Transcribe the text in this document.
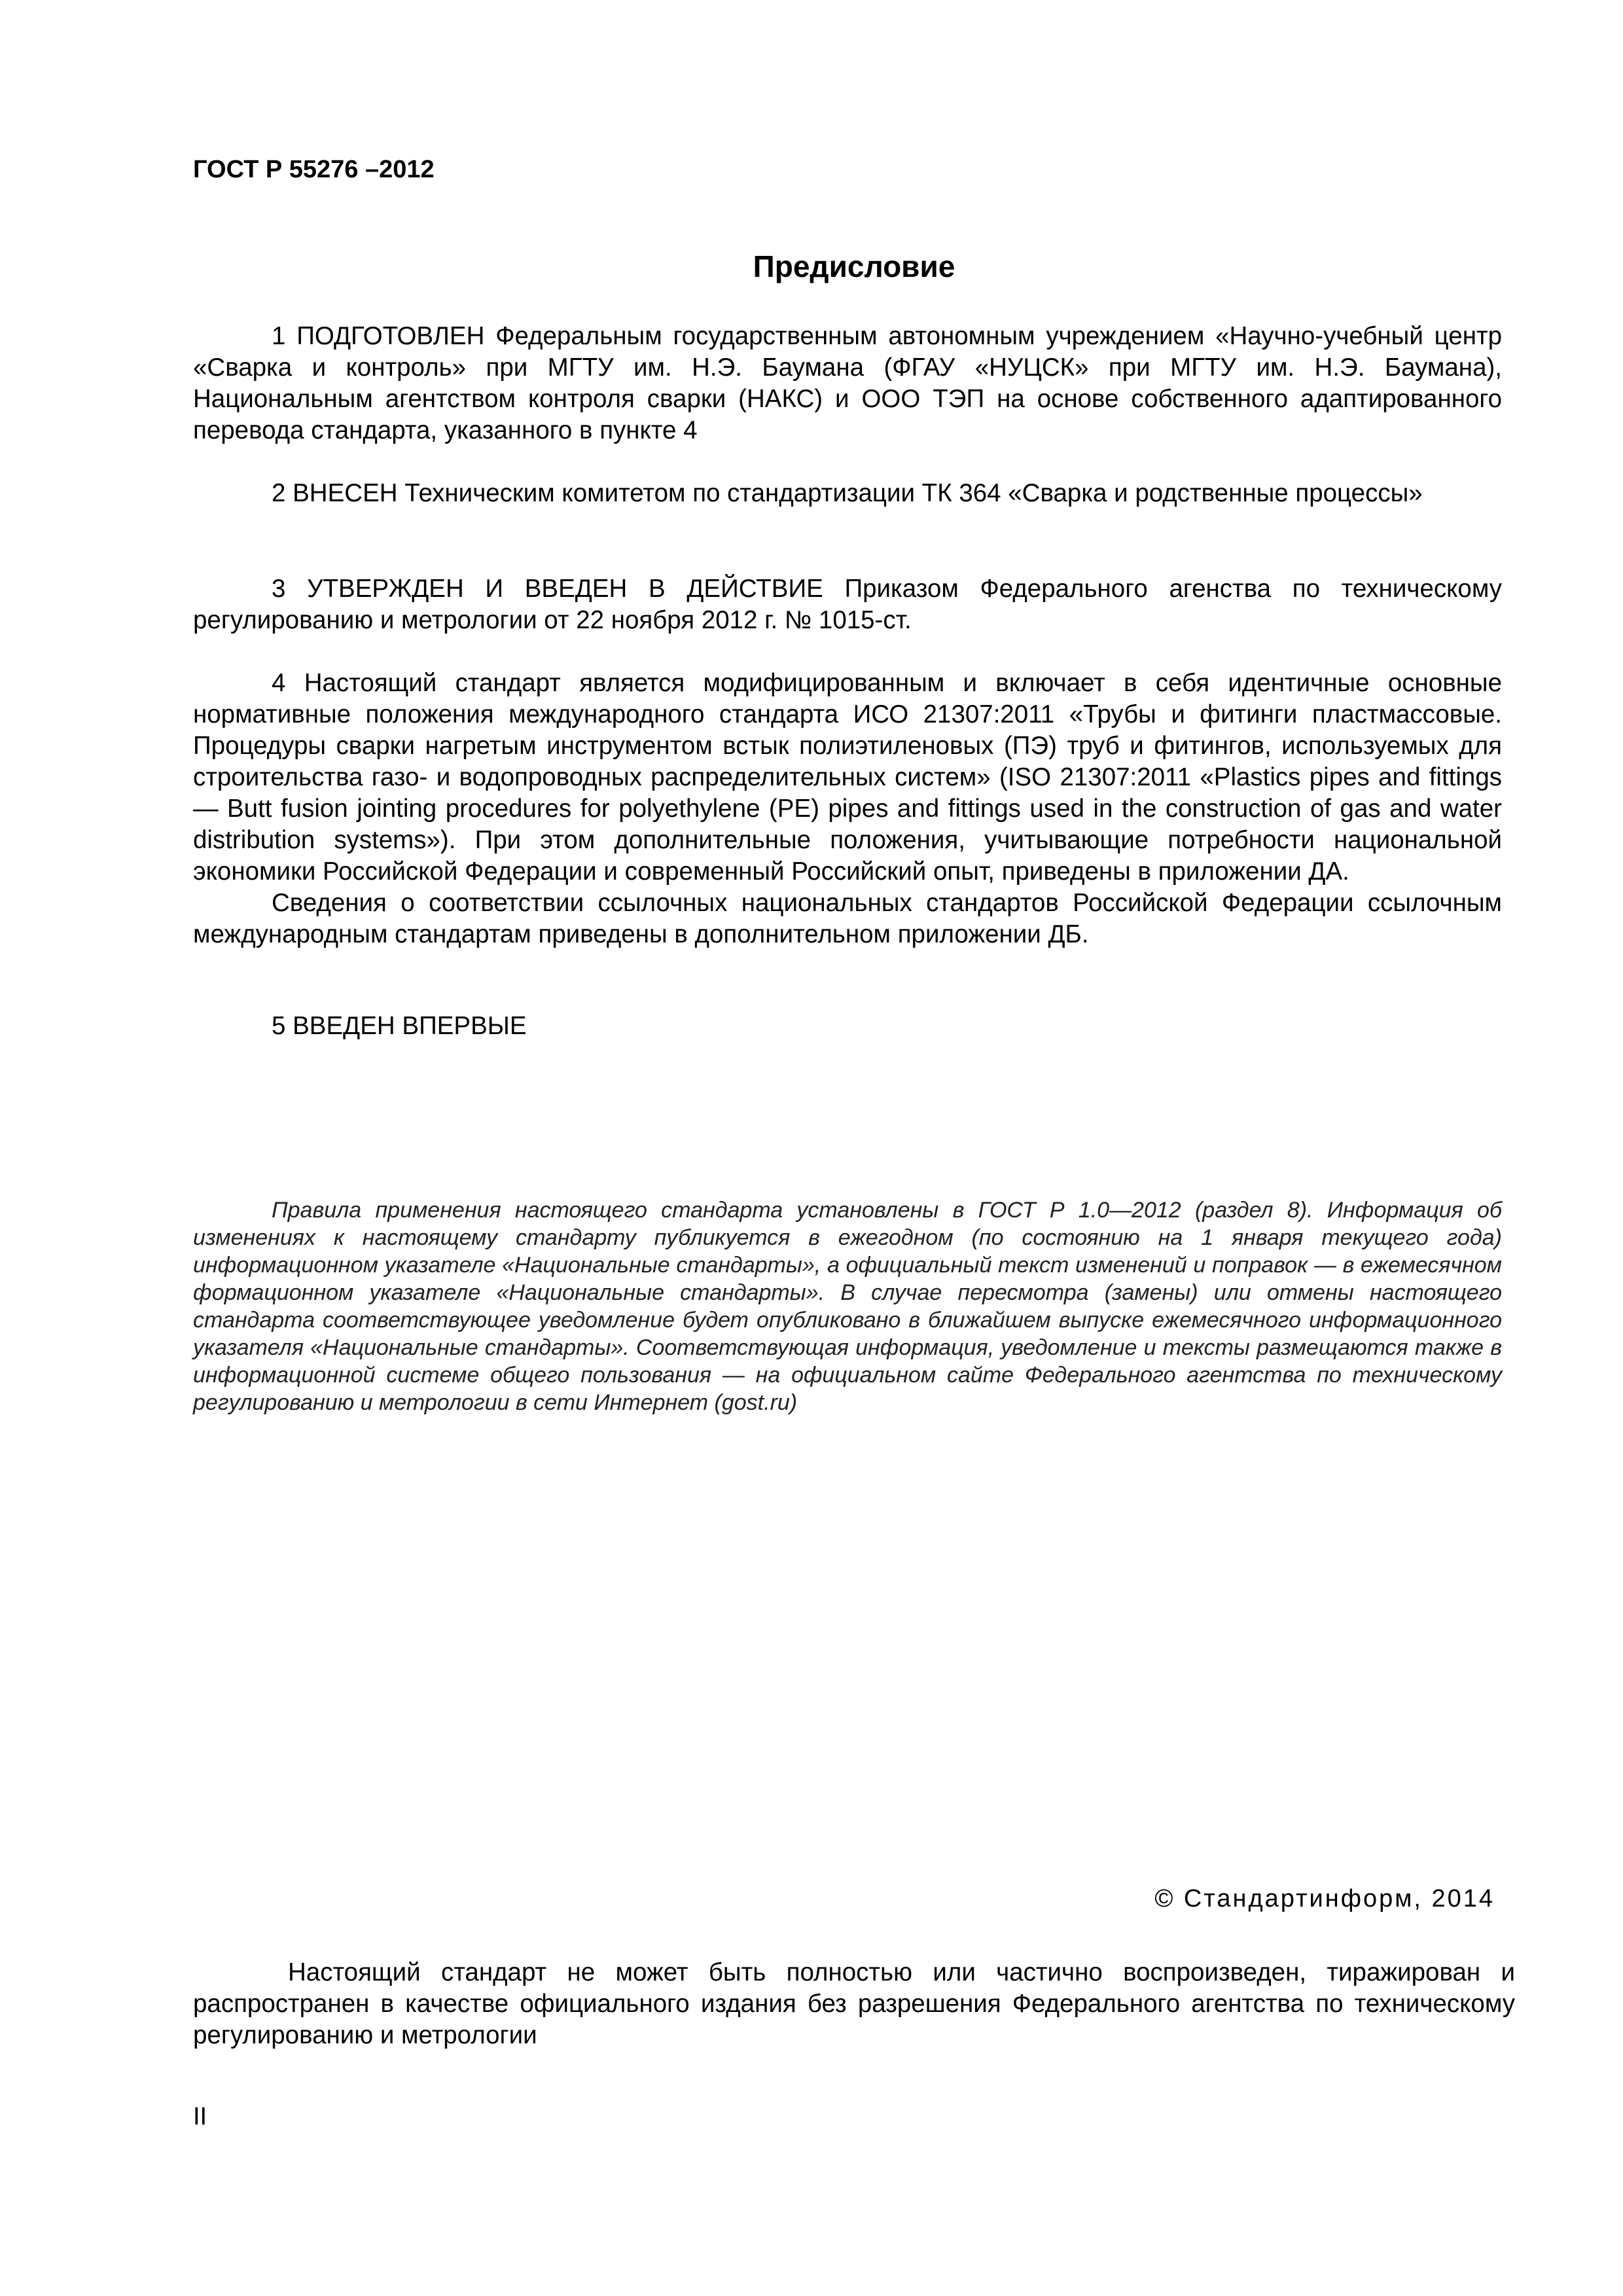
ГОСТ Р 55276 –2012
Предисловие

1 ПОДГОТОВЛЕН Федеральным государственным автономным учреждением «Научно-учебный центр «Сварка и контроль» при МГТУ им. Н.Э. Баумана (ФГАУ «НУЦСК» при МГТУ им. Н.Э. Баумана), Национальным агентством контроля сварки (НАКС) и ООО ТЭП на основе собственного адаптированного перевода стандарта, указанного в пункте 4

2 ВНЕСЕН Техническим комитетом по стандартизации ТК 364 «Сварка и родственные процессы»

3 УТВЕРЖДЕН И ВВЕДЕН В ДЕЙСТВИЕ Приказом Федерального агенства по техническому регулированию и метрологии от 22 ноября 2012 г. № 1015-ст.

4 Настоящий стандарт является модифицированным и включает в себя идентичные основные нормативные положения международного стандарта ИСО 21307:2011 «Трубы и фитинги пластмассовые. Процедуры сварки нагретым инструментом встык полиэтиленовых (ПЭ) труб и фитингов, используемых для строительства газо- и водопроводных распределительных систем» (ISO 21307:2011 «Plastics pipes and fittings — Butt fusion jointing procedures for polyethylene (PE) pipes and fittings used in the construction of gas and water distribution systems»). При этом дополнительные положения, учитывающие потребности национальной экономики Российской Федерации и современный Российский опыт, приведены в приложении ДА.

Сведения о соответствии ссылочных национальных стандартов Российской Федерации ссылочным международным стандартам приведены в дополнительном приложении ДБ.

5 ВВЕДЕН ВПЕРВЫЕ

Правила применения настоящего стандарта установлены в ГОСТ Р 1.0—2012 (раздел 8). Информация об изменениях к настоящему стандарту публикуется в ежегодном (по состоянию на 1 января текущего года) информационном указателе «Национальные стандарты», а официальный текст изменений и поправок — в ежемесячном формационном указателе «Национальные стандарты». В случае пересмотра (замены) или отмены настоящего стандарта соответствующее уведомление будет опубликовано в ближайшем выпуске ежемесячного информационного указателя «Национальные стандарты». Соответствующая информация, уведомление и тексты размещаются также в информационной системе общего пользования — на официальном сайте Федерального агентства по техническому регулированию и метрологии в сети Интернет (gost.ru)

© Стандартинформ, 2014

Настоящий стандарт не может быть полностью или частично воспроизведен, тиражирован и распространен в качестве официального издания без разрешения Федерального агентства по техническому регулированию и метрологии

II
